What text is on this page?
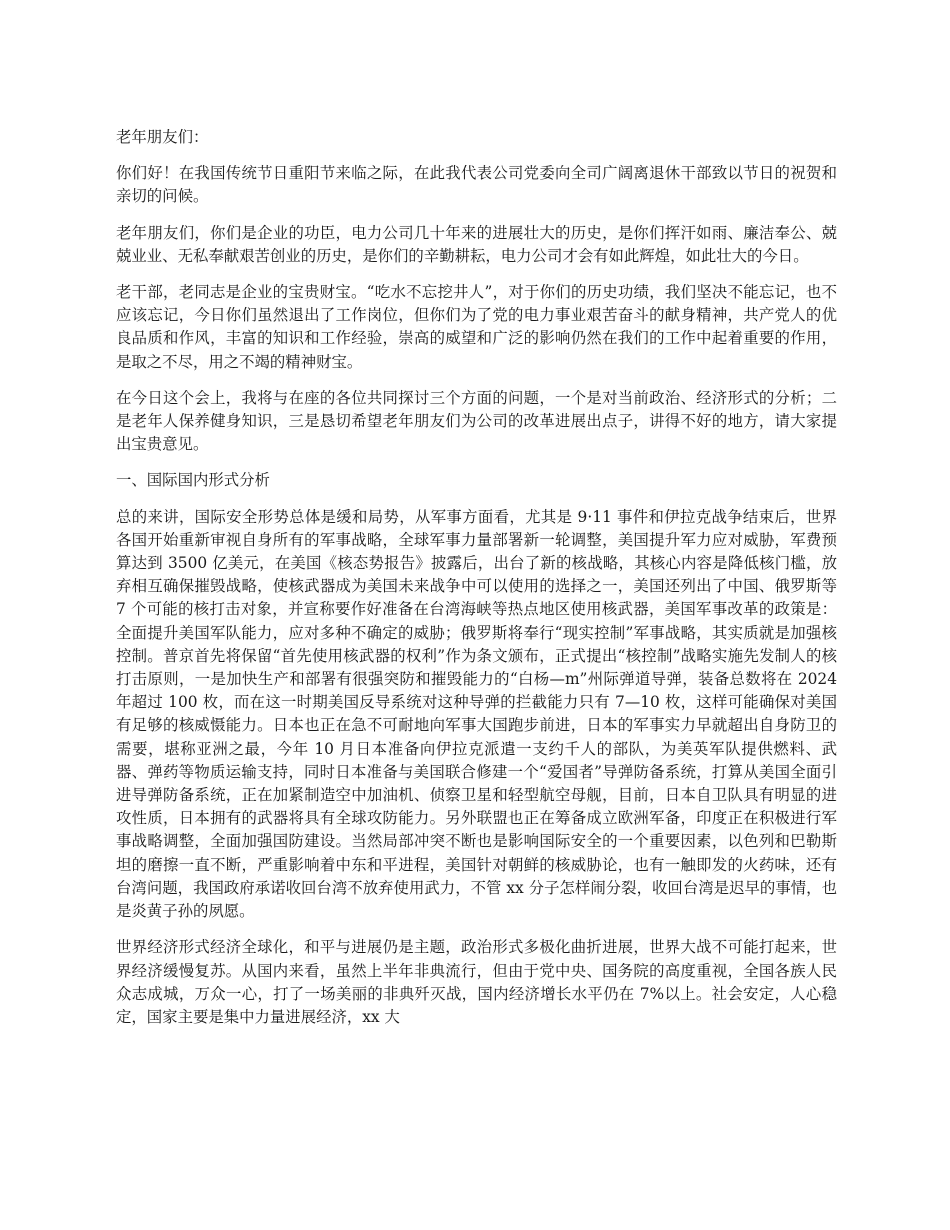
老年朋友们：

你们好！在我国传统节日重阳节来临之际，在此我代表公司党委向全司广阔离退休干部致以节日的祝贺和亲切的问候。

老年朋友们，你们是企业的功臣，电力公司几十年来的进展壮大的历史，是你们挥汗如雨、廉洁奉公、兢兢业业、无私奉献艰苦创业的历史，是你们的辛勤耕耘，电力公司才会有如此辉煌，如此壮大的今日。

老干部，老同志是企业的宝贵财宝。“吃水不忘挖井人”，对于你们的历史功绩，我们坚决不能忘记，也不应该忘记，今日你们虽然退出了工作岗位，但你们为了党的电力事业艰苦奋斗的献身精神，共产党人的优良品质和作风，丰富的知识和工作经验，崇高的威望和广泛的影响仍然在我们的工作中起着重要的作用，是取之不尽，用之不竭的精神财宝。

在今日这个会上，我将与在座的各位共同探讨三个方面的问题，一个是对当前政治、经济形式的分析；二是老年人保养健身知识，三是恳切希望老年朋友们为公司的改革进展出点子，讲得不好的地方，请大家提出宝贵意见。

一、国际国内形式分析

总的来讲，国际安全形势总体是缓和局势，从军事方面看，尤其是 9·11 事件和伊拉克战争结束后，世界各国开始重新审视自身所有的军事战略，全球军事力量部署新一轮调整，美国提升军力应对威胁，军费预算达到 3500 亿美元，在美国《核态势报告》披露后，出台了新的核战略，其核心内容是降低核门槛，放弃相互确保摧毁战略，使核武器成为美国未来战争中可以使用的选择之一，美国还列出了中国、俄罗斯等 7 个可能的核打击对象，并宣称要作好准备在台湾海峡等热点地区使用核武器，美国军事改革的政策是：全面提升美国军队能力，应对多种不确定的威胁；俄罗斯将奉行“现实控制”军事战略，其实质就是加强核控制。普京首先将保留“首先使用核武器的权利”作为条文颁布，正式提出“核控制”战略实施先发制人的核打击原则，一是加快生产和部署有很强突防和摧毁能力的“白杨—m”州际弹道导弹，装备总数将在 2024 年超过 100 枚，而在这一时期美国反导系统对这种导弹的拦截能力只有 7—10 枚，这样可能确保对美国有足够的核威慑能力。日本也正在急不可耐地向军事大国跑步前进，日本的军事实力早就超出自身防卫的需要，堪称亚洲之最，今年 10 月日本准备向伊拉克派遣一支约千人的部队，为美英军队提供燃料、武器、弹药等物质运输支持，同时日本准备与美国联合修建一个“爱国者”导弹防备系统，打算从美国全面引进导弹防备系统，正在加紧制造空中加油机、侦察卫星和轻型航空母舰，目前，日本自卫队具有明显的进攻性质，日本拥有的武器将具有全球攻防能力。另外联盟也正在筹备成立欧洲军备，印度正在积极进行军事战略调整，全面加强国防建设。当然局部冲突不断也是影响国际安全的一个重要因素，以色列和巴勒斯坦的磨擦一直不断，严重影响着中东和平进程，美国针对朝鲜的核威胁论，也有一触即发的火药味，还有台湾问题，我国政府承诺收回台湾不放弃使用武力，不管 xx 分子怎样闹分裂，收回台湾是迟早的事情，也是炎黄子孙的夙愿。

世界经济形式经济全球化，和平与进展仍是主题，政治形式多极化曲折进展，世界大战不可能打起来，世界经济缓慢复苏。从国内来看，虽然上半年非典流行，但由于党中央、国务院的高度重视，全国各族人民众志成城，万众一心，打了一场美丽的非典歼灭战，国内经济增长水平仍在 7%以上。社会安定，人心稳定，国家主要是集中力量进展经济，xx 大
